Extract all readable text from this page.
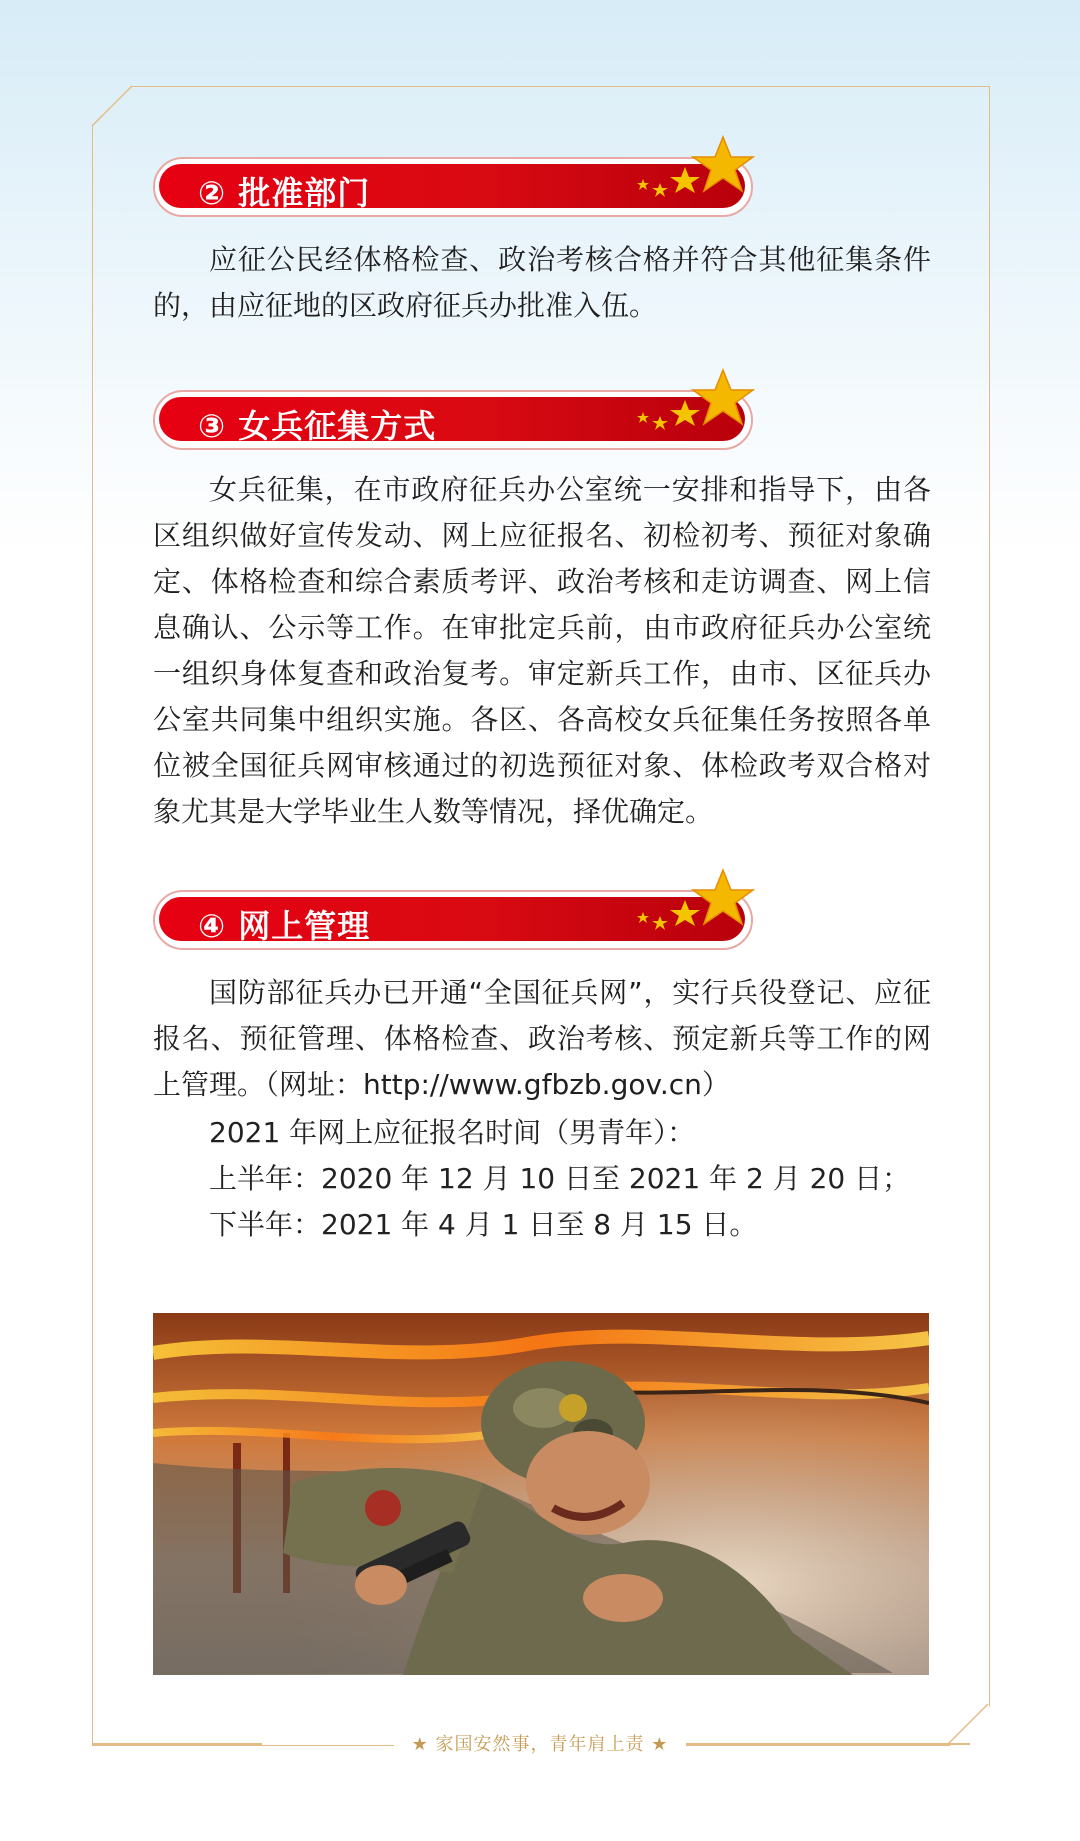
② 批准部门

应征公民经体格检查、政治考核合格并符合其他征集条件的，由应征地的区政府征兵办批准入伍。

③ 女兵征集方式

女兵征集，在市政府征兵办公室统一安排和指导下，由各区组织做好宣传发动、网上应征报名、初检初考、预征对象确定、体格检查和综合素质考评、政治考核和走访调查、网上信息确认、公示等工作。在审批定兵前，由市政府征兵办公室统一组织身体复查和政治复考。审定新兵工作，由市、区征兵办公室共同集中组织实施。各区、各高校女兵征集任务按照各单位被全国征兵网审核通过的初选预征对象、体检政考双合格对象尤其是大学毕业生人数等情况，择优确定。

④ 网上管理

国防部征兵办已开通“全国征兵网”，实行兵役登记、应征报名、预征管理、体格检查、政治考核、预定新兵等工作的网上管理。（网址：http://www.gfbzb.gov.cn）

2021 年网上应征报名时间（男青年）：
上半年：2020 年 12 月 10 日至 2021 年 2 月 20 日；
下半年：2021 年 4 月 1 日至 8 月 15 日。
★ 家国安然事，青年肩上责 ★
